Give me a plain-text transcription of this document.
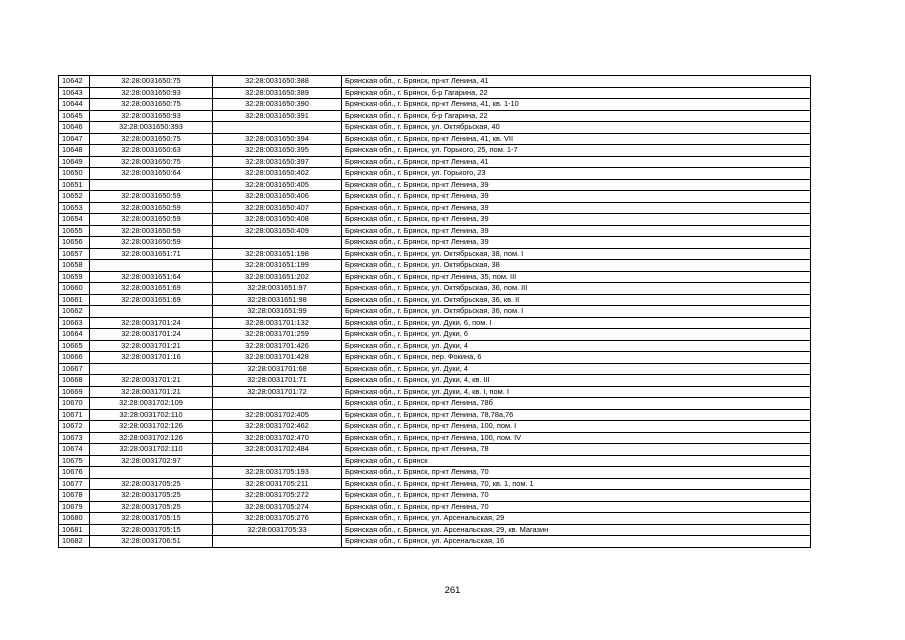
10642	32:28:0031650:75	32:28:0031650:388	Брянская обл., г. Брянск, пр-кт Ленина, 41
10643	32:28:0031650:93	32:28:0031650:389	Брянская обл., г. Брянск, б-р Гагарина, 22
10644	32:28:0031650:75	32:28:0031650:390	Брянская обл., г. Брянск, пр-кт Ленина, 41, кв. 1-10
10645	32:28:0031650:93	32:28:0031650:391	Брянская обл., г. Брянск, б-р Гагарина, 22
10646	32:28:0031650:393		Брянская обл., г. Брянск, ул. Октябрьская, 40
10647	32:28:0031650:75	32:28:0031650:394	Брянская обл., г. Брянск, пр-кт Ленина, 41, кв. VII
10648	32:28:0031650:63	32:28:0031650:395	Брянская обл., г. Брянск, ул. Горького, 25, пом. 1-7
10649	32:28:0031650:75	32:28:0031650:397	Брянская обл., г. Брянск, пр-кт Ленина, 41
10650	32:28:0031650:64	32:28:0031650:402	Брянская обл., г. Брянск, ул. Горького, 23
10651		32:28:0031650:405	Брянская обл., г. Брянск, пр-кт Ленина, 39
10652	32:28:0031650:59	32:28:0031650:406	Брянская обл., г. Брянск, пр-кт Ленина, 39
10653	32:28:0031650:59	32:28:0031650:407	Брянская обл., г. Брянск, пр-кт Ленина, 39
10654	32:28:0031650:59	32:28:0031650:408	Брянская обл., г. Брянск, пр-кт Ленина, 39
10655	32:28:0031650:59	32:28:0031650:409	Брянская обл., г. Брянск, пр-кт Ленина, 39
10656	32:28:0031650:59		Брянская обл., г. Брянск, пр-кт Ленина, 39
10657	32:28:0031651:71	32:28:0031651:198	Брянская обл., г. Брянск, ул. Октябрьская, 38, пом. I
10658		32:28:0031651:199	Брянская обл., г. Брянск, ул. Октябрьская, 38
10659	32:28:0031651:64	32:28:0031651:202	Брянская обл., г. Брянск, пр-кт Ленина, 35, пом. III
10660	32:28:0031651:69	32:28:0031651:97	Брянская обл., г. Брянск, ул. Октябрьская, 36, пом. III
10661	32:28:0031651:69	32:28:0031651:98	Брянская обл., г. Брянск, ул. Октябрьская, 36, кв. II
10662		32:28:0031651:99	Брянская обл., г. Брянск, ул. Октябрьская, 36, пом. I
10663	32:28:0031701:24	32:28:0031701:132	Брянская обл., г. Брянск, ул. Дуки, 6, пом. I
10664	32:28:0031701:24	32:28:0031701:259	Брянская обл., г. Брянск, ул. Дуки, 6
10665	32:28:0031701:21	32:28:0031701:426	Брянская обл., г. Брянск, ул. Дуки, 4
10666	32:28:0031701:16	32:28:0031701:428	Брянская обл., г. Брянск, пер. Фокина, 6
10667		32:28:0031701:68	Брянская обл., г. Брянск, ул. Дуки, 4
10668	32:28:0031701:21	32:28:0031701:71	Брянская обл., г. Брянск, ул. Дуки, 4, кв. III
10669	32:28:0031701:21	32:28:0031701:72	Брянская обл., г. Брянск, ул. Дуки, 4, кв. I, пом. I
10670	32:28:0031702:109		Брянская обл., г. Брянск, пр-кт Ленина, 78б
10671	32:28:0031702:110	32:28:0031702:405	Брянская обл., г. Брянск, пр-кт Ленина, 78,78а,76
10672	32:28:0031702:126	32:28:0031702:462	Брянская обл., г. Брянск, пр-кт Ленина, 100, пом. I
10673	32:28:0031702:126	32:28:0031702:470	Брянская обл., г. Брянск, пр-кт Ленина, 100, пом. IV
10674	32:28:0031702:110	32:28:0031702:484	Брянская обл., г. Брянск, пр-кт Ленина, 78
10675	32:28:0031702:97		Брянская обл., г. Брянск
10676		32:28:0031705:193	Брянская обл., г. Брянск, пр-кт Ленина, 70
10677	32:28:0031705:25	32:28:0031705:211	Брянская обл., г. Брянск, пр-кт Ленина, 70, кв. 1, пом. 1
10678	32:28:0031705:25	32:28:0031705:272	Брянская обл., г. Брянск, пр-кт Ленина, 70
10679	32:28:0031705:25	32:28:0031705:274	Брянская обл., г. Брянск, пр-кт Ленина, 70
10680	32:28:0031705:15	32:28:0031705:276	Брянская обл., г. Брянск, ул. Арсенальская, 29
10681	32:28:0031705:15	32:28:0031705:33	Брянская обл., г. Брянск, ул. Арсенальская, 29, кв. Магазин
10682	32:28:0031706:51		Брянская обл., г. Брянск, ул. Арсенальская, 16
261
